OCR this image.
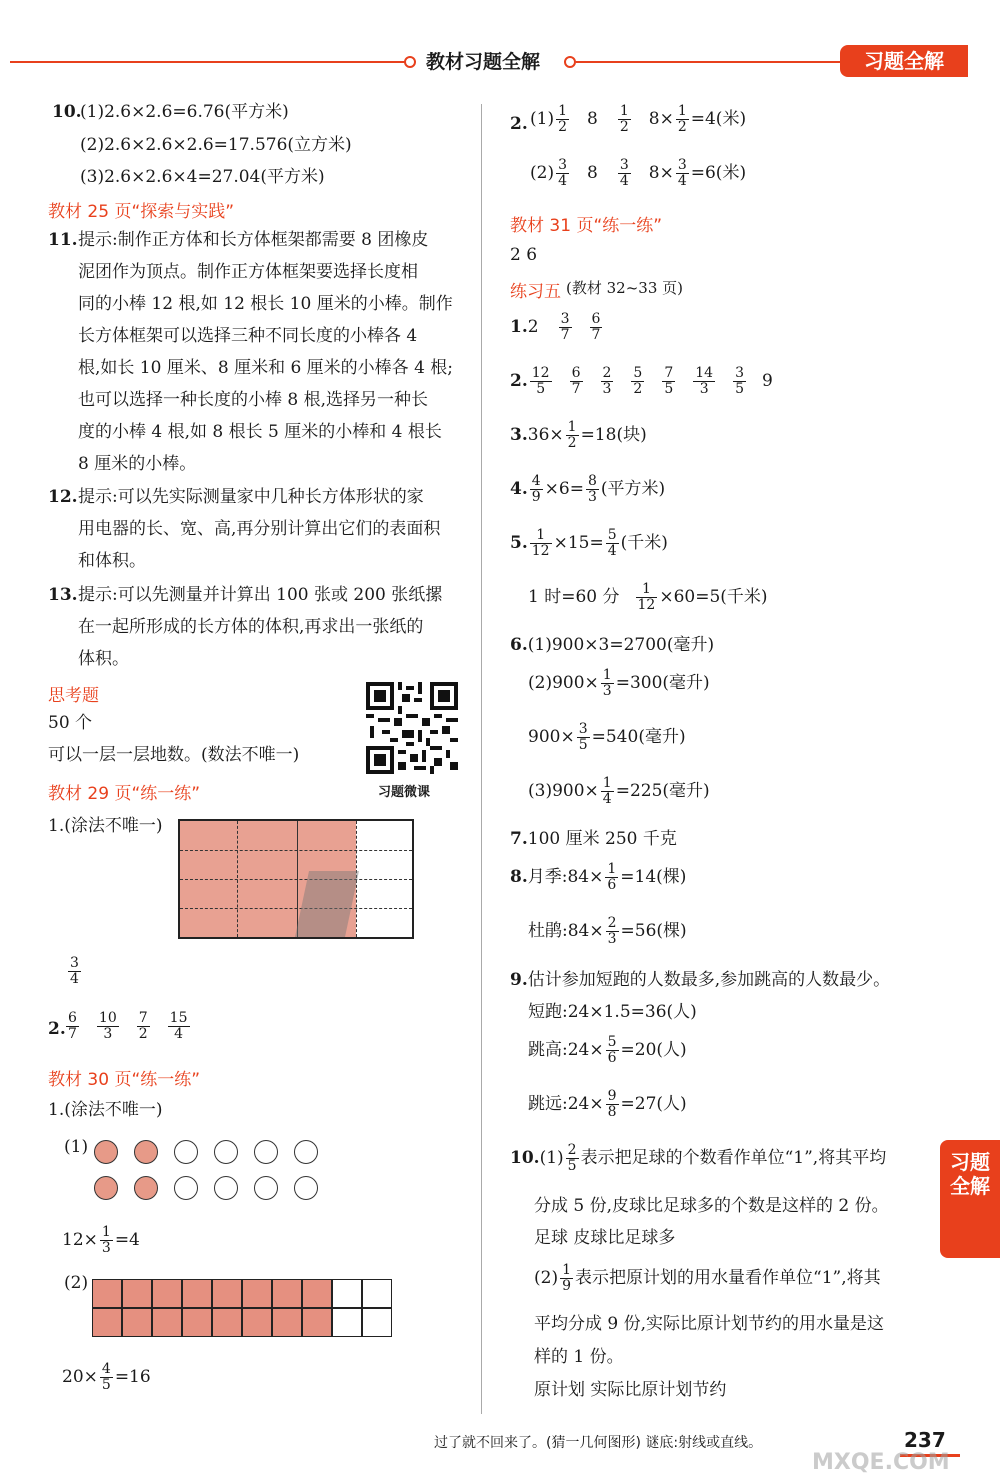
教材习题全解	习题全解
10.
(1)2.6×2.6=6.76(平方米)
(2)2.6×2.6×2.6=17.576(立方米)
(3)2.6×2.6×4=27.04(平方米)
教材 25 页“探索与实践”
11. 提示:制作正方体和长方体框架都需要 8 团橡皮
泥团作为顶点。制作正方体框架要选择长度相
同的小棒 12 根,如 12 根长 10 厘米的小棒。制作
长方体框架可以选择三种不同长度的小棒各 4
根,如长 10 厘米、8 厘米和 6 厘米的小棒各 4 根;
也可以选择一种长度的小棒 8 根,选择另一种长
度的小棒 4 根,如 8 根长 5 厘米的小棒和 4 根长
8 厘米的小棒。
12. 提示:可以先实际测量家中几种长方体形状的家
用电器的长、宽、高,再分别计算出它们的表面积
和体积。
13. 提示:可以先测量并计算出 100 张或 200 张纸摞
在一起所形成的长方体的体积,再求出一张纸的
体积。
思考题
50 个
可以一层一层地数。(数法不唯一)
习题微课
教材 29 页“练一练”
1.(涂法不唯一)
$\frac{3}{4}$
2. $\frac{6}{7} \frac{10}{3} \frac{7}{2} \frac{15}{4}$
教材 30 页“练一练”
1.(涂法不唯一)
(1)
$12\times \frac{1}{3} =4$
(2)
$20\times \frac{4}{5} =16$
2. $(1) \frac{1}{2} 8 \frac{1}{2} 8\times \frac{1}{2} =4$(米)
$(2) \frac{3}{4} 8 \frac{3}{4} 8\times \frac{3}{4} =6$(米)
教材 31 页“练一练”
2 6
练习五 (教材 32~33 页)
$1.2 \frac{3}{7} \frac{6}{7}$
2. $\frac{12}{5} \frac{6}{7} \frac{2}{3} \frac{5}{2} \frac{7}{5} \frac{14}{3} \frac{3}{5} 9$
$3.36\times \frac{1}{2} =18$(块)
4. $\frac{4}{9} \times 6= \frac{8}{3}$ (平方米)
5. $\frac{1}{12} \times 15= \frac{5}{4}$ (千米)
1 时=60 分 $\frac{1}{12} \times 60=5$(千米)
6.(1)900×3=2700(毫升)
$(2)900\times \frac{1}{3} =300$(毫升)
$900\times \frac{3}{5} =540$(毫升)
$(3)900\times \frac{1}{4} =225$(毫升)
7.100 厘米 250 千克
8.月季:84× $\frac{1}{6} =14$(棵)
杜鹃:84× $\frac{2}{3} =56$(棵)
9.估计参加短跑的人数最多,参加跳高的人数最少。
短跑:24×1.5=36(人)
跳高:24× $\frac{5}{6} =20$(人)
跳远:24× $\frac{9}{8} =27$(人)
$10.(1) \frac{2}{5}$ 表示把足球的个数看作单位“1”,将其平均
分成 5 份,皮球比足球多的个数是这样的 2 份。
足球 皮球比足球多
$(2) \frac{1}{9}$ 表示把原计划的用水量看作单位“1”,将其
平均分成 9 份,实际比原计划节约的用水量是这
样的 1 份。
原计划 实际比原计划节约
习题全解
过了就不回来了。(猜一几何图形) 谜底:射线或直线。	237
MXQE.COM
